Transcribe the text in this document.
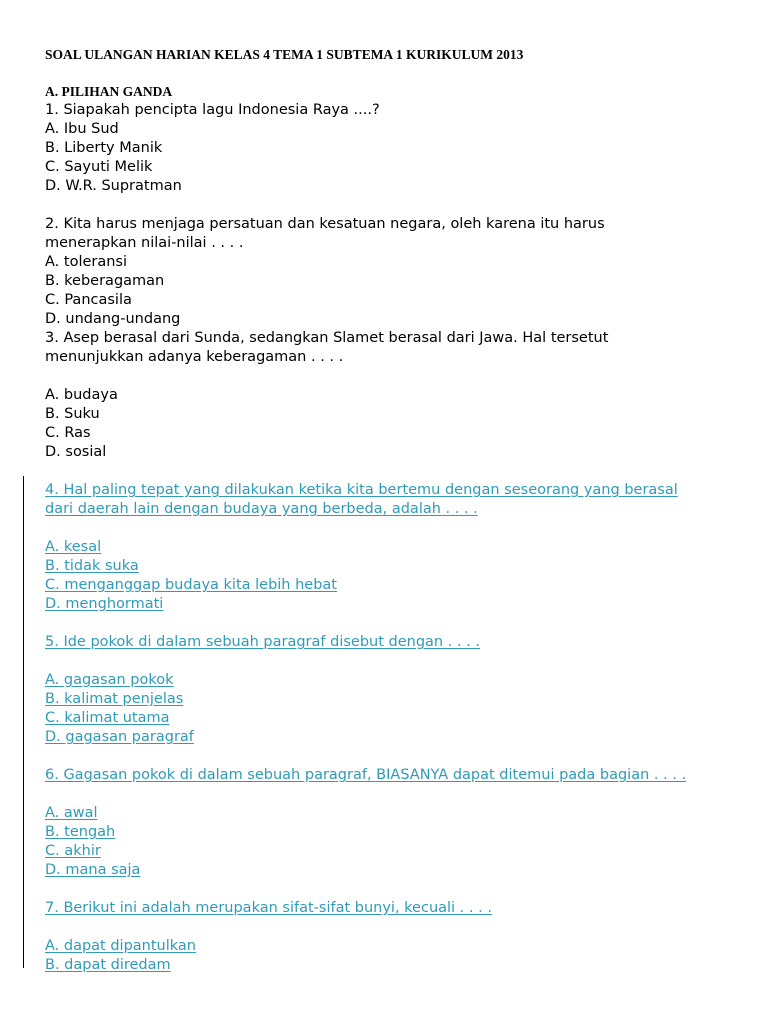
SOAL ULANGAN HARIAN KELAS 4 TEMA 1 SUBTEMA 1 KURIKULUM 2013
A. PILIHAN GANDA

1. Siapakah pencipta lagu Indonesia Raya ....?

A. Ibu Sud

B. Liberty Manik

C. Sayuti Melik

D. W.R. Supratman

2. Kita harus menjaga persatuan dan kesatuan negara, oleh karena itu harus

menerapkan nilai-nilai . . . .

A. toleransi

B. keberagaman

C. Pancasila

D. undang-undang

3. Asep berasal dari Sunda, sedangkan Slamet berasal dari Jawa. Hal tersetut

menunjukkan adanya keberagaman . . . .

A. budaya

B. Suku

C. Ras

D. sosial

4. Hal paling tepat yang dilakukan ketika kita bertemu dengan seseorang yang berasal

dari daerah lain dengan budaya yang berbeda, adalah . . . .

A. kesal

B. tidak suka

C. menganggap budaya kita lebih hebat

D. menghormati

5. Ide pokok di dalam sebuah paragraf disebut dengan . . . .

A. gagasan pokok

B. kalimat penjelas

C. kalimat utama

D. gagasan paragraf

6. Gagasan pokok di dalam sebuah paragraf, BIASANYA dapat ditemui pada bagian . . . .

A. awal

B. tengah

C. akhir

D. mana saja

7. Berikut ini adalah merupakan sifat-sifat bunyi, kecuali . . . .

A. dapat dipantulkan

B. dapat diredam
